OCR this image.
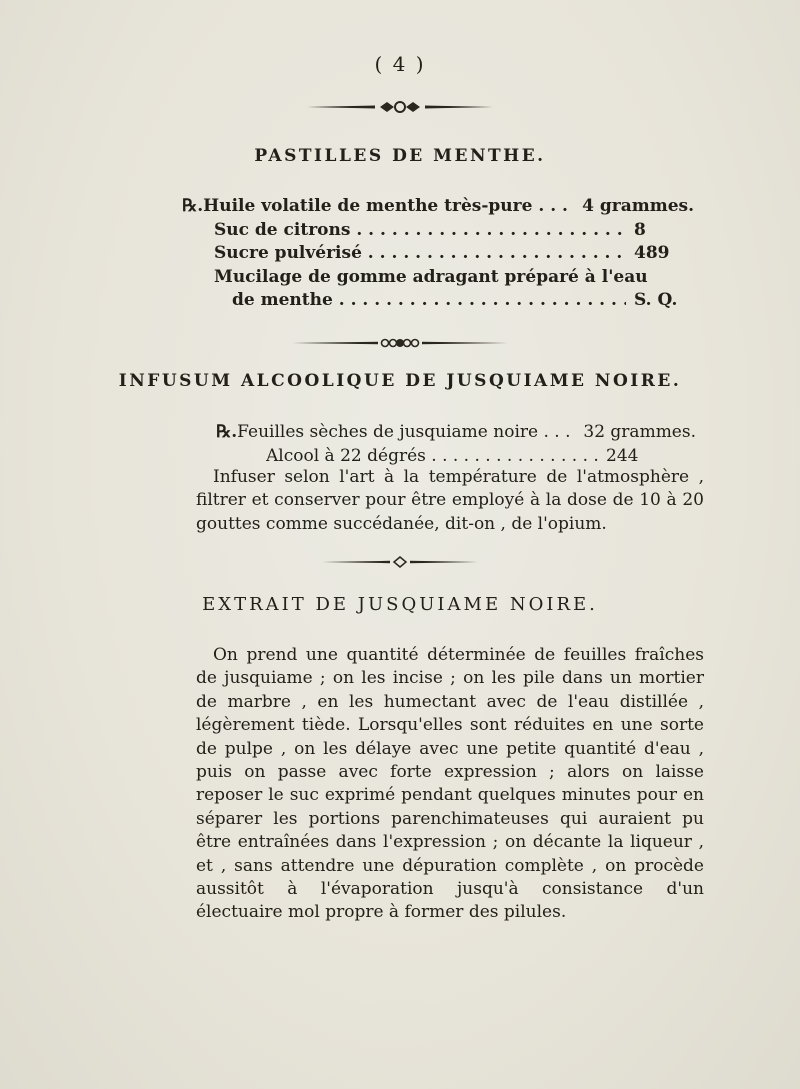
( 4 )
PASTILLES DE MENTHE.
℞. Huile volatile de menthe très-pure . . .	4 grammes.
Suc de citrons . . .	8
Sucre pulvérisé . . .	489
Mucilage de gomme adragant préparé à l'eau
de menthe . . .	S. Q.
INFUSUM ALCOOLIQUE DE JUSQUIAME NOIRE.
℞. Feuilles sèches de jusquiame noire . . .	32 grammes.
Alcool à 22 dégrés . . .	244

Infuser selon l'art à la température de l'atmosphère , filtrer et conserver pour être employé à la dose de 10 à 20 gouttes comme succédanée, dit-on , de l'opium.

EXTRAIT DE JUSQUIAME NOIRE.

On prend une quantité déterminée de feuilles fraîches de jusquiame ; on les incise ; on les pile dans un mortier de marbre , en les humectant avec de l'eau distillée , légèrement tiède. Lorsqu'elles sont réduites en une sorte de pulpe , on les délaye avec une petite quantité d'eau , puis on passe avec forte expression ; alors on laisse reposer le suc exprimé pendant quelques minutes pour en séparer les portions parenchimateuses qui auraient pu être entraînées dans l'expression ; on décante la liqueur , et , sans attendre une dépuration complète , on procède aussitôt à l'évaporation jusqu'à consistance d'un électuaire mol propre à former des pilules.
